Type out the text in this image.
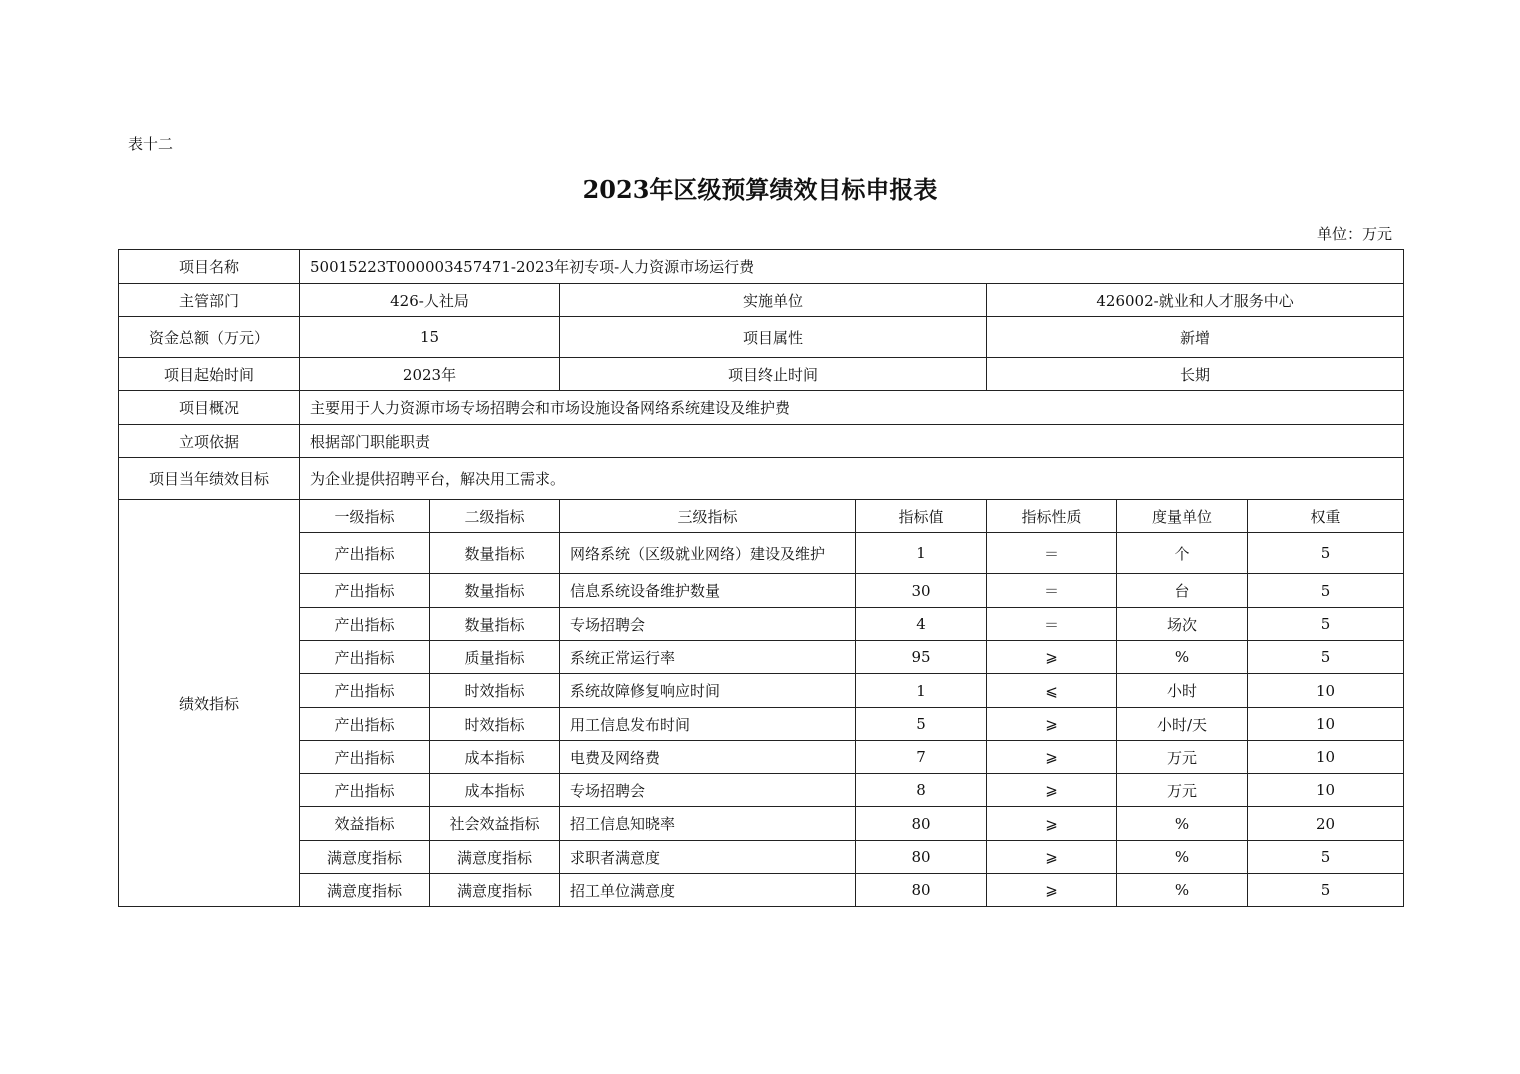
表十二
2023年区级预算绩效目标申报表
单位：万元
项目名称	50015223T000003457471-2023年初专项-人力资源市场运行费						
主管部门	426-人社局		实施单位		426002-就业和人才服务中心		
资金总额（万元）	15		项目属性		新增		
项目起始时间	2023年		项目终止时间		长期		
项目概况	主要用于人力资源市场专场招聘会和市场设施设备网络系统建设及维护费						
立项依据	根据部门职能职责						
项目当年绩效目标	为企业提供招聘平台，解决用工需求。						
绩效指标	一级指标	二级指标	三级指标	指标值	指标性质	度量单位	权重
	产出指标	数量指标	网络系统（区级就业网络）建设及维护	1	＝	个	5
	产出指标	数量指标	信息系统设备维护数量	30	＝	台	5
	产出指标	数量指标	专场招聘会	4	＝	场次	5
	产出指标	质量指标	系统正常运行率	95	⩾	%	5
	产出指标	时效指标	系统故障修复响应时间	1	⩽	小时	10
	产出指标	时效指标	用工信息发布时间	5	⩾	小时/天	10
	产出指标	成本指标	电费及网络费	7	⩾	万元	10
	产出指标	成本指标	专场招聘会	8	⩾	万元	10
	效益指标	社会效益指标	招工信息知晓率	80	⩾	%	20
	满意度指标	满意度指标	求职者满意度	80	⩾	%	5
	满意度指标	满意度指标	招工单位满意度	80	⩾	%	5
